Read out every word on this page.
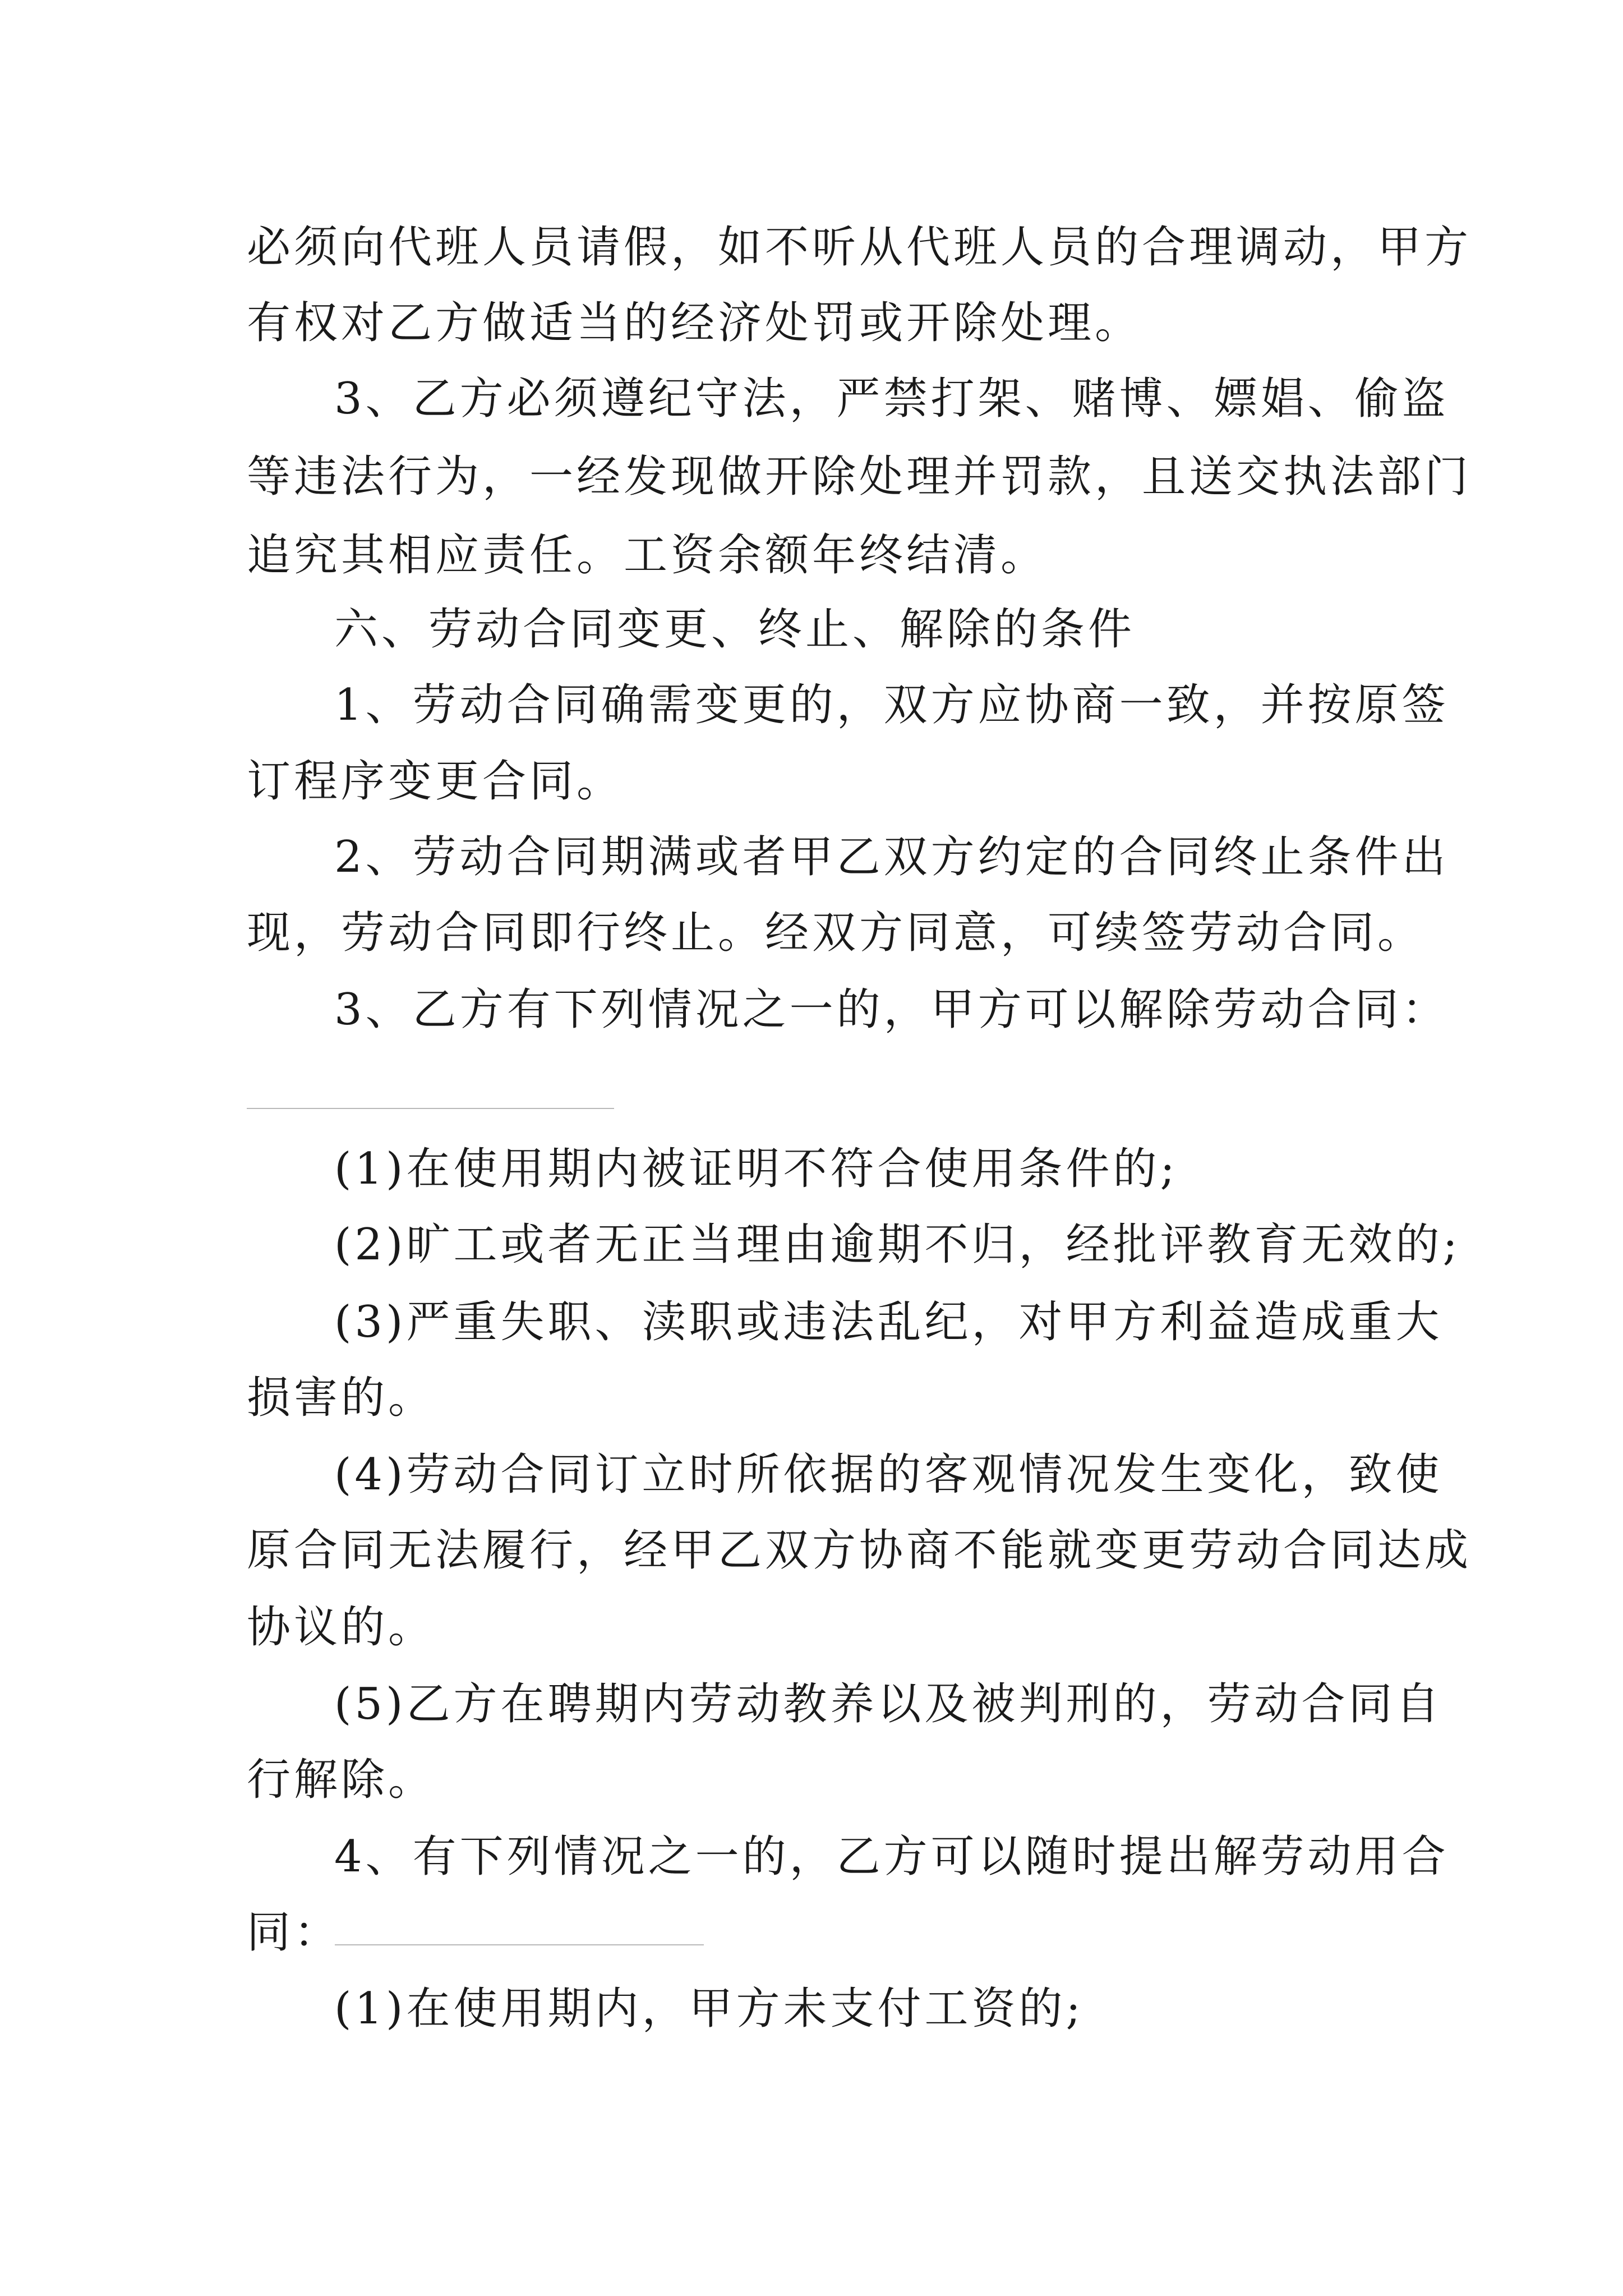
必须向代班人员请假，如不听从代班人员的合理调动，甲方
有权对乙方做适当的经济处罚或开除处理。
3、乙方必须遵纪守法，严禁打架、赌博、嫖娼、偷盗
等违法行为，一经发现做开除处理并罚款，且送交执法部门
追究其相应责任。工资余额年终结清。
六、劳动合同变更、终止、解除的条件
1、劳动合同确需变更的，双方应协商一致，并按原签
订程序变更合同。
2、劳动合同期满或者甲乙双方约定的合同终止条件出
现，劳动合同即行终止。经双方同意，可续签劳动合同。
3、乙方有下列情况之一的，甲方可以解除劳动合同：
(1)在使用期内被证明不符合使用条件的;
(2)旷工或者无正当理由逾期不归，经批评教育无效的;
(3)严重失职、渎职或违法乱纪，对甲方利益造成重大
损害的。
(4)劳动合同订立时所依据的客观情况发生变化，致使
原合同无法履行，经甲乙双方协商不能就变更劳动合同达成
协议的。
(5)乙方在聘期内劳动教养以及被判刑的，劳动合同自
行解除。
4、有下列情况之一的，乙方可以随时提出解劳动用合
同：
(1)在使用期内，甲方未支付工资的;
